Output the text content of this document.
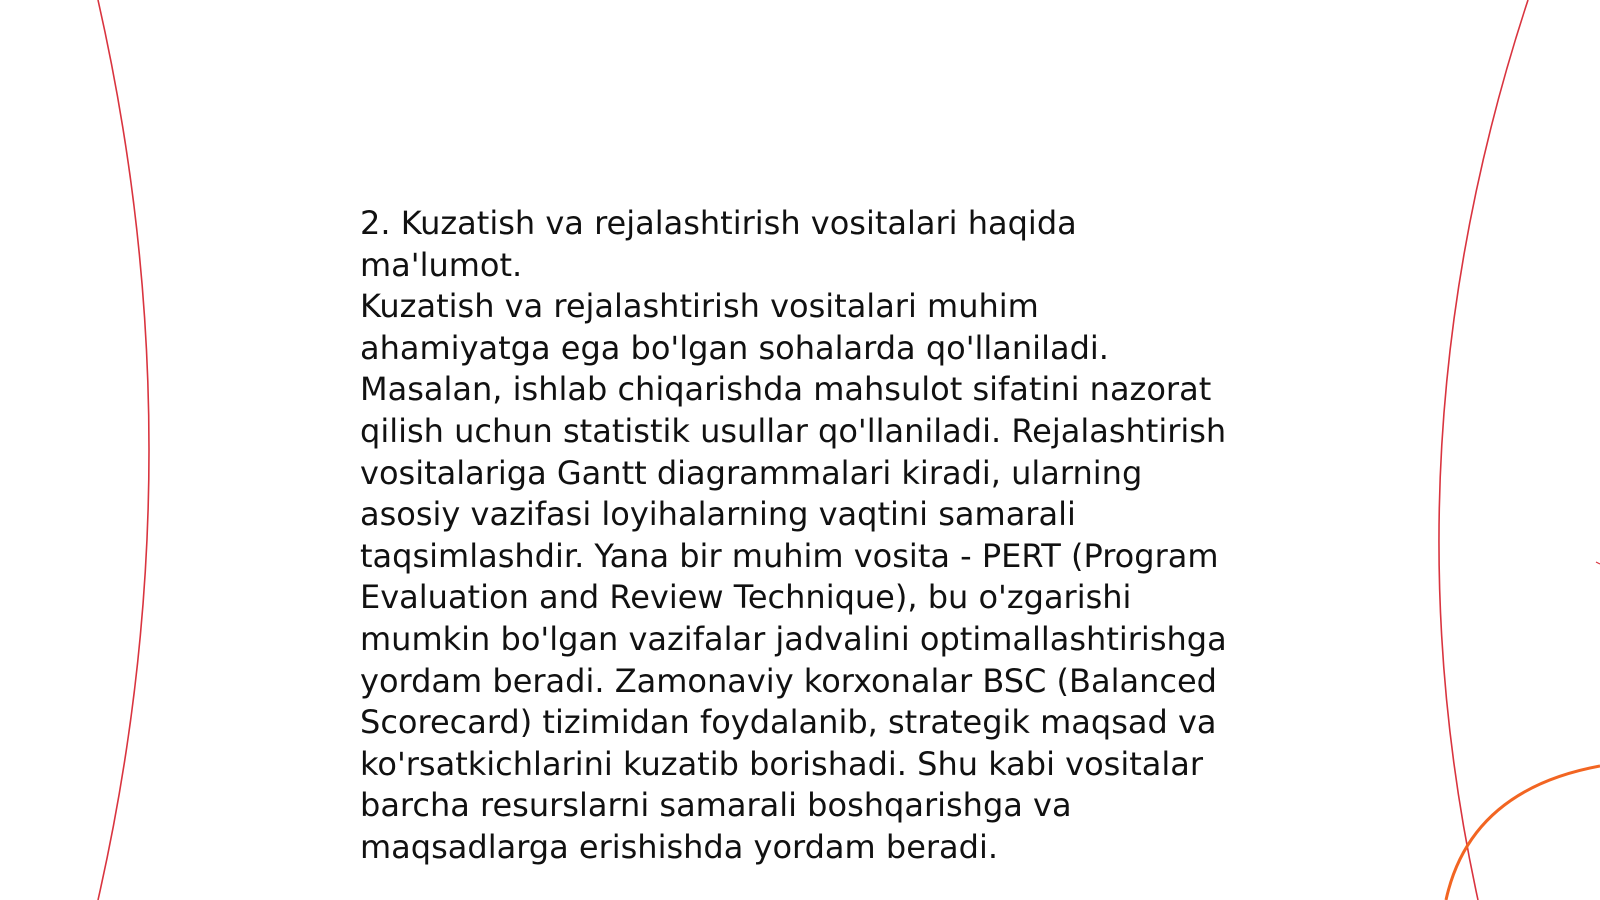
2. Kuzatish va rejalashtirish vositalari haqida
ma'lumot.

Kuzatish va rejalashtirish vositalari muhim
ahamiyatga ega bo'lgan sohalarda qo'llaniladi.
Masalan, ishlab chiqarishda mahsulot sifatini nazorat
qilish uchun statistik usullar qo'llaniladi. Rejalashtirish
vositalariga Gantt diagrammalari kiradi, ularning
asosiy vazifasi loyihalarning vaqtini samarali
taqsimlashdir. Yana bir muhim vosita - PERT (Program
Evaluation and Review Technique), bu o'zgarishi
mumkin bo'lgan vazifalar jadvalini optimallashtirishga
yordam beradi. Zamonaviy korxonalar BSC (Balanced
Scorecard) tizimidan foydalanib, strategik maqsad va
ko'rsatkichlarini kuzatib borishadi. Shu kabi vositalar
barcha resurslarni samarali boshqarishga va
maqsadlarga erishishda yordam beradi.
